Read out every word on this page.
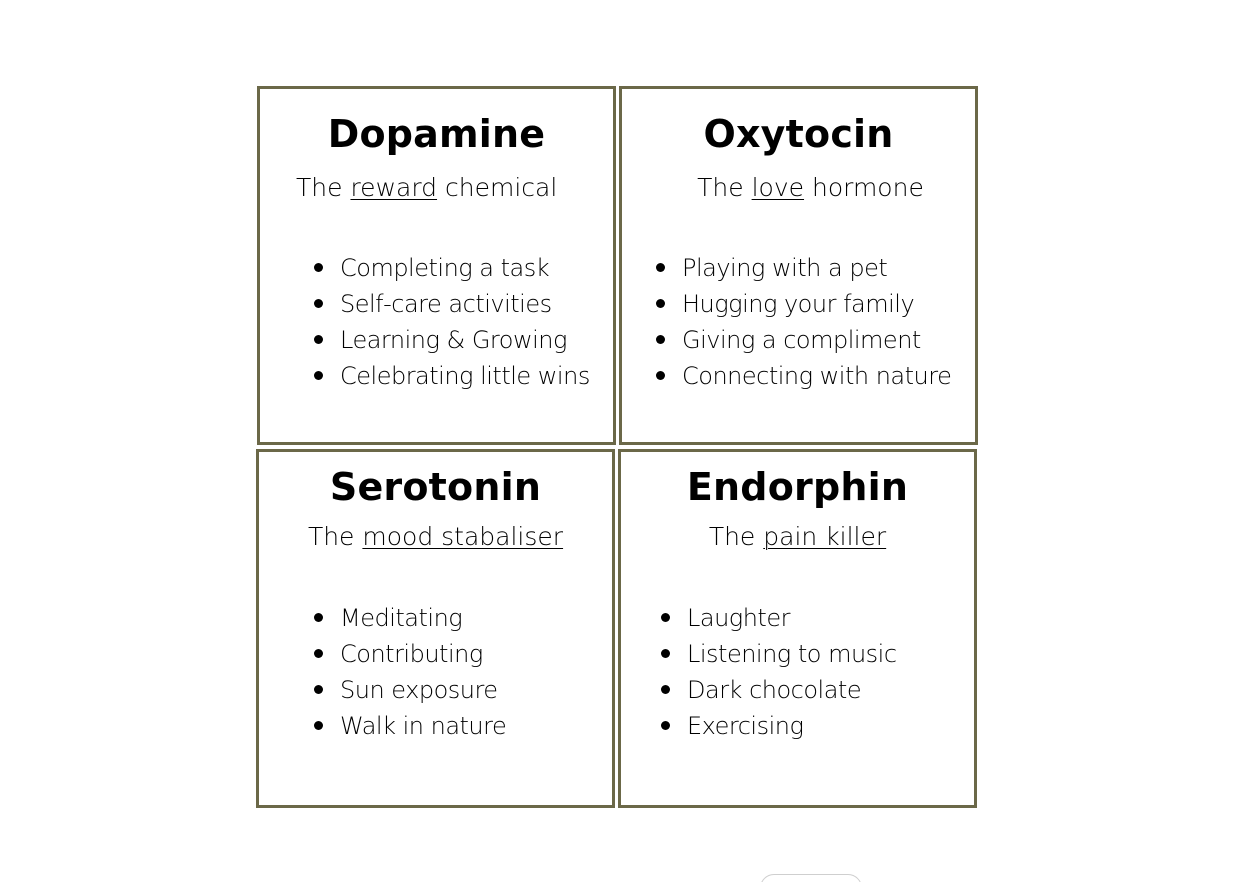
Dopamine
The reward chemical
Completing a task
Self-care activities
Learning & Growing
Celebrating little wins
Oxytocin
The love hormone
Playing with a pet
Hugging your family
Giving a compliment
Connecting with nature
Serotonin
The mood stabaliser
Meditating
Contributing
Sun exposure
Walk in nature
Endorphin
The pain killer
Laughter
Listening to music
Dark chocolate
Exercising
